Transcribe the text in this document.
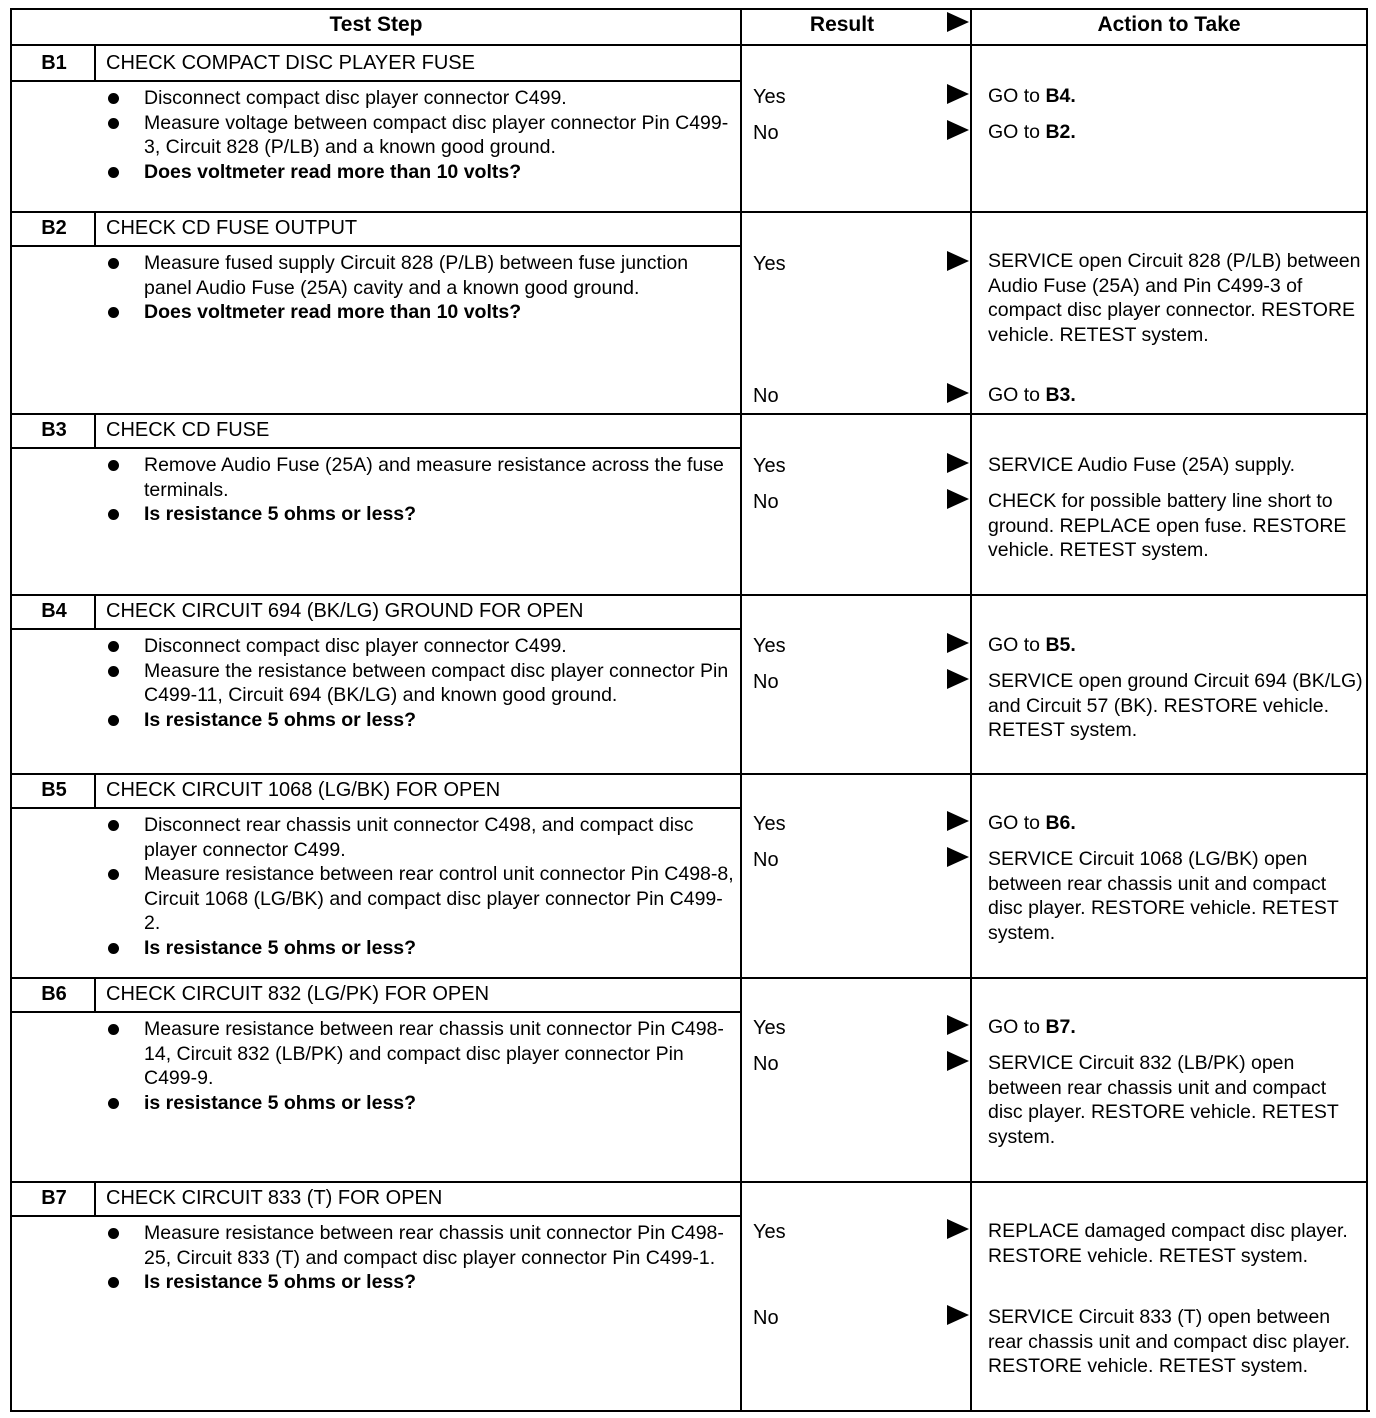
Test Step	Result	Action to Take
B1	CHECK COMPACT DISC PLAYER FUSE
Disconnect compact disc player connector C499.
Measure voltage between compact disc player connector Pin C499-3, Circuit 828 (P/LB) and a known good ground.
Does voltmeter read more than 10 volts?
Yes	GO to B4.
No	GO to B2.
B2	CHECK CD FUSE OUTPUT
Measure fused supply Circuit 828 (P/LB) between fuse junction panel Audio Fuse (25A) cavity and a known good ground.
Does voltmeter read more than 10 volts?
Yes	SERVICE open Circuit 828 (P/LB) between Audio Fuse (25A) and Pin C499-3 of compact disc player connector. RESTORE vehicle. RETEST system.
No	GO to B3.
B3	CHECK CD FUSE
Remove Audio Fuse (25A) and measure resistance across the fuse terminals.
Is resistance 5 ohms or less?
Yes	SERVICE Audio Fuse (25A) supply.
No	CHECK for possible battery line short to ground. REPLACE open fuse. RESTORE vehicle. RETEST system.
B4	CHECK CIRCUIT 694 (BK/LG) GROUND FOR OPEN
Disconnect compact disc player connector C499.
Measure the resistance between compact disc player connector Pin C499-11, Circuit 694 (BK/LG) and known good ground.
Is resistance 5 ohms or less?
Yes	GO to B5.
No	SERVICE open ground Circuit 694 (BK/LG) and Circuit 57 (BK). RESTORE vehicle. RETEST system.
B5	CHECK CIRCUIT 1068 (LG/BK) FOR OPEN
Disconnect rear chassis unit connector C498, and compact disc player connector C499.
Measure resistance between rear control unit connector Pin C498-8, Circuit 1068 (LG/BK) and compact disc player connector Pin C499-2.
Is resistance 5 ohms or less?
Yes	GO to B6.
No	SERVICE Circuit 1068 (LG/BK) open between rear chassis unit and compact disc player. RESTORE vehicle. RETEST system.
B6	CHECK CIRCUIT 832 (LG/PK) FOR OPEN
Measure resistance between rear chassis unit connector Pin C498-14, Circuit 832 (LB/PK) and compact disc player connector Pin C499-9.
is resistance 5 ohms or less?
Yes	GO to B7.
No	SERVICE Circuit 832 (LB/PK) open between rear chassis unit and compact disc player. RESTORE vehicle. RETEST system.
B7	CHECK CIRCUIT 833 (T) FOR OPEN
Measure resistance between rear chassis unit connector Pin C498-25, Circuit 833 (T) and compact disc player connector Pin C499-1.
Is resistance 5 ohms or less?
Yes	REPLACE damaged compact disc player. RESTORE vehicle. RETEST system.
No	SERVICE Circuit 833 (T) open between rear chassis unit and compact disc player. RESTORE vehicle. RETEST system.
